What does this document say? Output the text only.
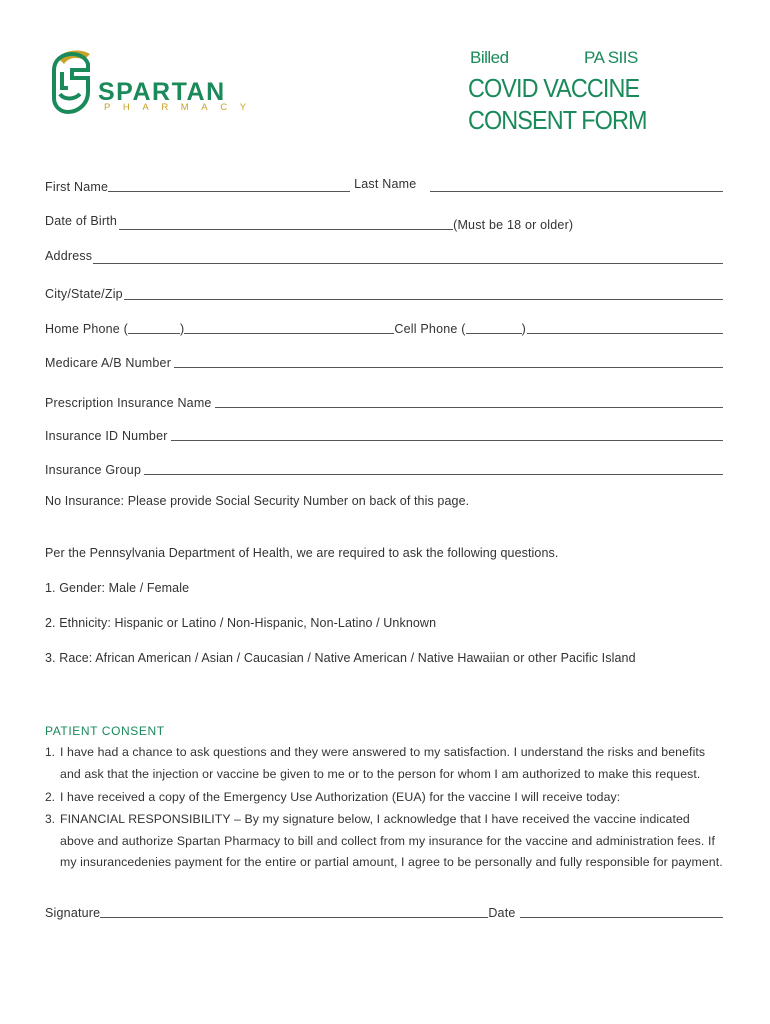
SPARTAN
PHARMACY
Billed	PA SIIS
COVID VACCINE CONSENT FORM
First Name	Last Name
Date of Birth	(Must be 18 or older)
Address
City/State/Zip
Home Phone (	)	Cell Phone (	)
Medicare A/B Number
Prescription Insurance Name
Insurance ID Number
Insurance Group
No Insurance: Please provide Social Security Number on back of this page.
Per the Pennsylvania Department of Health, we are required to ask the following questions.
1. Gender: Male / Female
2. Ethnicity: Hispanic or Latino / Non-Hispanic, Non-Latino / Unknown
3. Race: African American / Asian / Caucasian / Native American / Native Hawaiian or other Pacific Island
PATIENT CONSENT
1. I have had a chance to ask questions and they were answered to my satisfaction. I understand the risks and benefits and ask that the injection or vaccine be given to me or to the person for whom I am authorized to make this request.
2. I have received a copy of the Emergency Use Authorization (EUA) for the vaccine I will receive today:
3. FINANCIAL RESPONSIBILITY – By my signature below, I acknowledge that I have received the vaccine indicated above and authorize Spartan Pharmacy to bill and collect from my insurance for the vaccine and administration fees. If my insurancedenies payment for the entire or partial amount, I agree to be personally and fully responsible for payment.
Signature	Date
